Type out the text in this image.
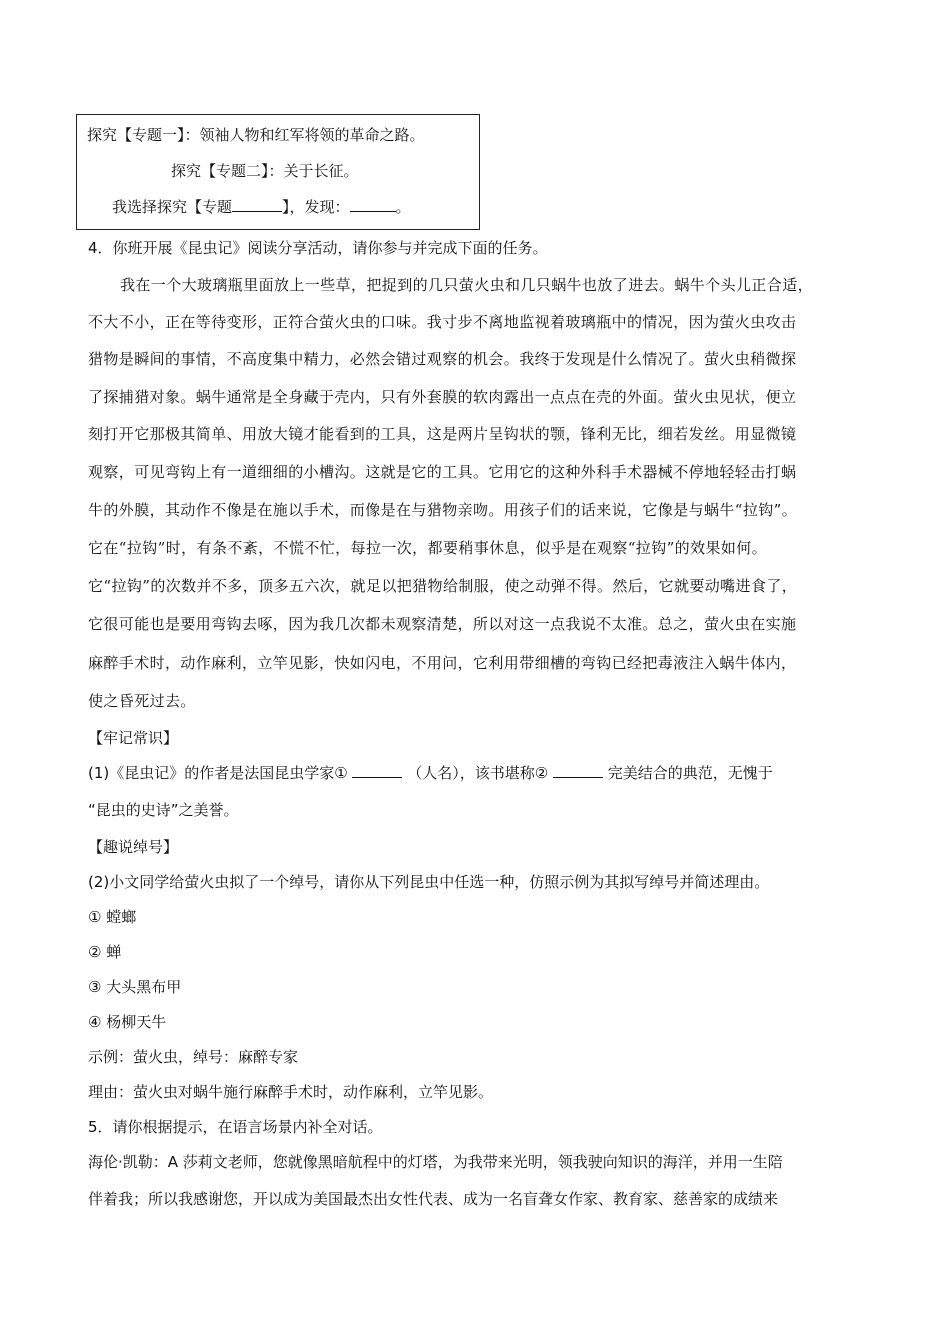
探究【专题一】：领袖人物和红军将领的革命之路。
探究【专题二】：关于长征。
我选择探究【专题	】，发现：	。
4．你班开展《昆虫记》阅读分享活动，请你参与并完成下面的任务。
我在一个大玻璃瓶里面放上一些草，把捉到的几只萤火虫和几只蜗牛也放了进去。蜗牛个头儿正合适，
不大不小，正在等待变形，正符合萤火虫的口味。我寸步不离地监视着玻璃瓶中的情况，因为萤火虫攻击
猎物是瞬间的事情，不高度集中精力，必然会错过观察的机会。我终于发现是什么情况了。萤火虫稍微探
了探捕猎对象。蜗牛通常是全身藏于壳内，只有外套膜的软肉露出一点点在壳的外面。萤火虫见状，便立
刻打开它那极其简单、用放大镜才能看到的工具，这是两片呈钩状的颚，锋利无比，细若发丝。用显微镜
观察，可见弯钩上有一道细细的小槽沟。这就是它的工具。它用它的这种外科手术器械不停地轻轻击打蜗
牛的外膜，其动作不像是在施以手术，而像是在与猎物亲吻。用孩子们的话来说，它像是与蜗牛“拉钩”。
它在“拉钩”时，有条不紊，不慌不忙，每拉一次，都要稍事休息，似乎是在观察“拉钩”的效果如何。
它“拉钩”的次数并不多，顶多五六次，就足以把猎物给制服，使之动弹不得。然后，它就要动嘴进食了，
它很可能也是要用弯钩去啄，因为我几次都未观察清楚，所以对这一点我说不太准。总之，萤火虫在实施
麻醉手术时，动作麻利，立竿见影，快如闪电，不用问，它利用带细槽的弯钩已经把毒液注入蜗牛体内，
使之昏死过去。
【牢记常识】
(1)《昆虫记》的作者是法国昆虫学家①	（人名），该书堪称②	完美结合的典范，无愧于
“昆虫的史诗”之美誉。
【趣说绰号】
(2)小文同学给萤火虫拟了一个绰号，请你从下列昆虫中任选一种，仿照示例为其拟写绰号并简述理由。
① 螳螂
② 蝉
③ 大头黑布甲
④ 杨柳天牛
示例：萤火虫，绰号：麻醉专家
理由：萤火虫对蜗牛施行麻醉手术时，动作麻利，立竿见影。
5．请你根据提示，在语言场景内补全对话。
海伦·凯勒：A 莎莉文老师，您就像黑暗航程中的灯塔，为我带来光明，领我驶向知识的海洋，并用一生陪
伴着我；所以我感谢您，开以成为美国最杰出女性代表、成为一名盲聋女作家、教育家、慈善家的成绩来
